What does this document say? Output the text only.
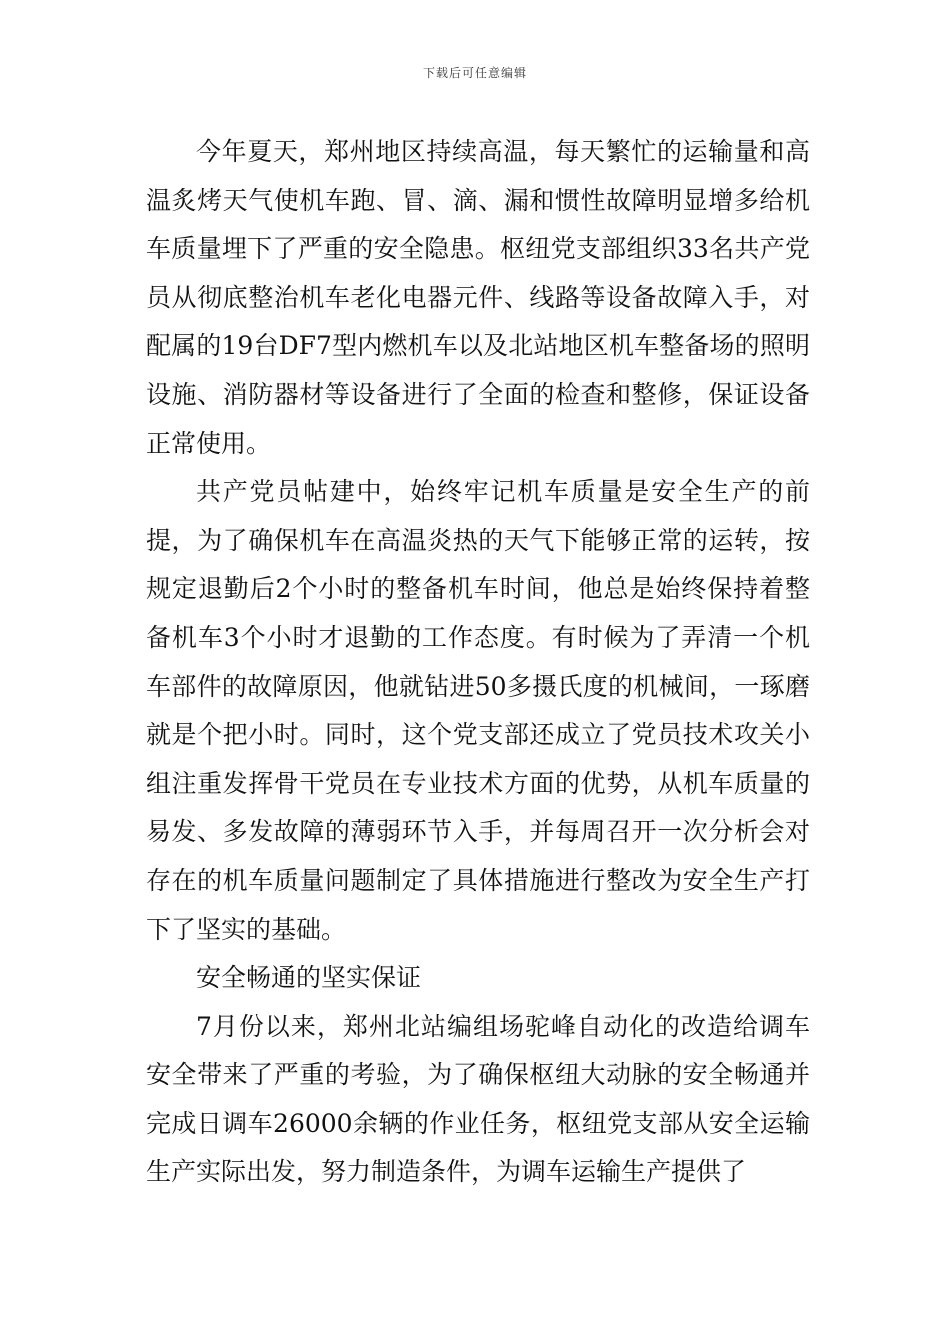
下载后可任意编辑

今年夏天，郑州地区持续高温，每天繁忙的运输量和高温炙烤天气使机车跑、冒、滴、漏和惯性故障明显增多给机车质量埋下了严重的安全隐患。枢纽党支部组织33名共产党员从彻底整治机车老化电器元件、线路等设备故障入手，对配属的19台DF7型内燃机车以及北站地区机车整备场的照明设施、消防器材等设备进行了全面的检查和整修，保证设备正常使用。

共产党员帖建中，始终牢记机车质量是安全生产的前提，为了确保机车在高温炎热的天气下能够正常的运转，按规定退勤后2个小时的整备机车时间，他总是始终保持着整备机车3个小时才退勤的工作态度。有时候为了弄清一个机车部件的故障原因，他就钻进50多摄氏度的机械间，一琢磨就是个把小时。同时，这个党支部还成立了党员技术攻关小组注重发挥骨干党员在专业技术方面的优势，从机车质量的易发、多发故障的薄弱环节入手，并每周召开一次分析会对存在的机车质量问题制定了具体措施进行整改为安全生产打下了坚实的基础。

安全畅通的坚实保证

7月份以来，郑州北站编组场驼峰自动化的改造给调车安全带来了严重的考验，为了确保枢纽大动脉的安全畅通并完成日调车26000余辆的作业任务，枢纽党支部从安全运输生产实际出发，努力制造条件，为调车运输生产提供了
